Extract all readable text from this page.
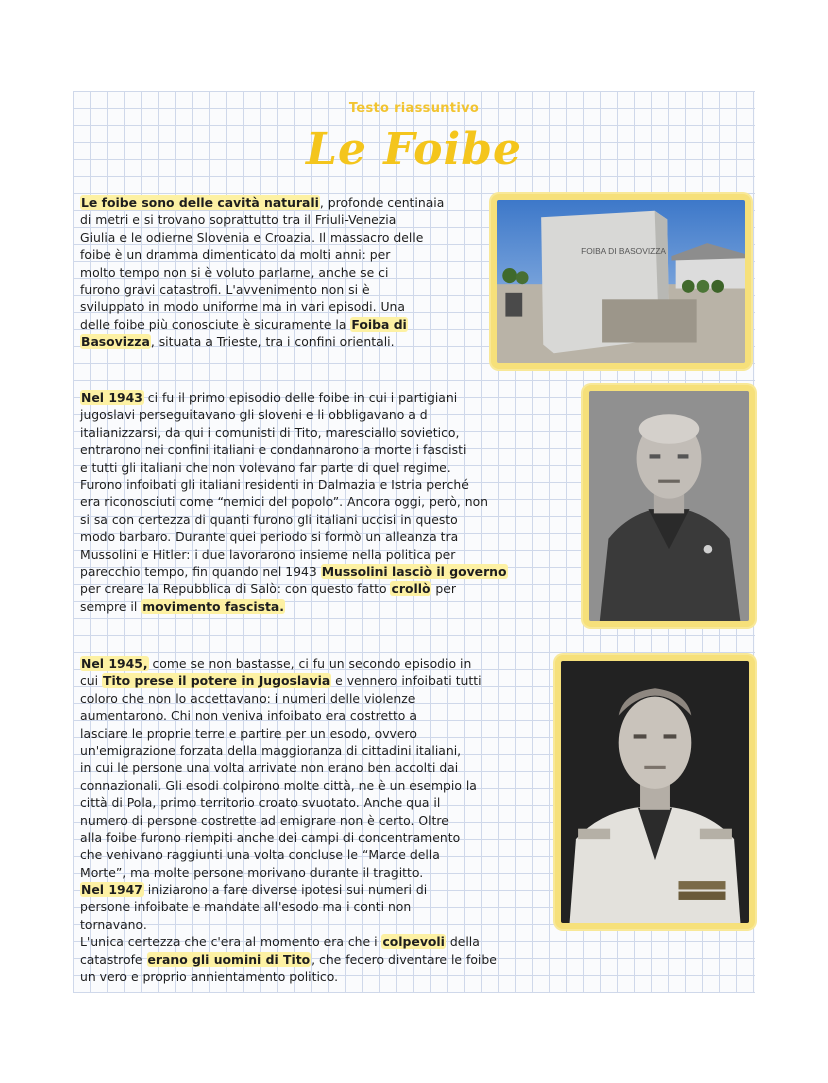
Testo riassuntivo
Le Foibe
Le foibe sono delle cavità naturali, profonde centinaia
di metri e si trovano soprattutto tra il Friuli-Venezia
Giulia e le odierne Slovenia e Croazia. Il massacro delle
foibe è un dramma dimenticato da molti anni: per
molto tempo non si è voluto parlarne, anche se ci
furono gravi catastrofi. L'avvenimento non si è
sviluppato in modo uniforme ma in vari episodi. Una
delle foibe più conosciute è sicuramente la Foiba di
Basovizza, situata a Trieste, tra i confini orientali.
Nel 1943 ci fu il primo episodio delle foibe in cui i partigiani
jugoslavi perseguitavano gli sloveni e li obbligavano a d
italianizzarsi, da qui i comunisti di Tito, maresciallo sovietico,
entrarono nei confini italiani e condannarono a morte i fascisti
e tutti gli italiani che non volevano far parte di quel regime.
Furono infoibati gli italiani residenti in Dalmazia e Istria perché
era riconosciuti come “nemici del popolo”. Ancora oggi, però, non
si sa con certezza di quanti furono gli italiani uccisi in questo
modo barbaro. Durante quei periodo si formò un alleanza tra
Mussolini e Hitler: i due lavorarono insieme nella politica per
parecchio tempo, fin quando nel 1943 Mussolini lasciò il governo
per creare la Repubblica di Salò: con questo fatto crollò per
sempre il movimento fascista.
Nel 1945, come se non bastasse, ci fu un secondo episodio in
cui Tito prese il potere in Jugoslavia e vennero infoibati tutti
coloro che non lo accettavano: i numeri delle violenze
aumentarono. Chi non veniva infoibato era costretto a
lasciare le proprie terre e partire per un esodo, ovvero
un'emigrazione forzata della maggioranza di cittadini italiani,
in cui le persone una volta arrivate non erano ben accolti dai
connazionali. Gli esodi colpirono molte città, ne è un esempio la
città di Pola, primo territorio croato svuotato. Anche qua il
numero di persone costrette ad emigrare non è certo. Oltre
alla foibe furono riempiti anche dei campi di concentramento
che venivano raggiunti una volta concluse le “Marce della
Morte”, ma molte persone morivano durante il tragitto.
Nel 1947 iniziarono a fare diverse ipotesi sui numeri di
persone infoibate e mandate all'esodo ma i conti non
tornavano.
L'unica certezza che c'era al momento era che i colpevoli della
catastrofe erano gli uomini di Tito, che fecero diventare le foibe
un vero e proprio annientamento politico.
FOIBA DI BASOVIZZA
